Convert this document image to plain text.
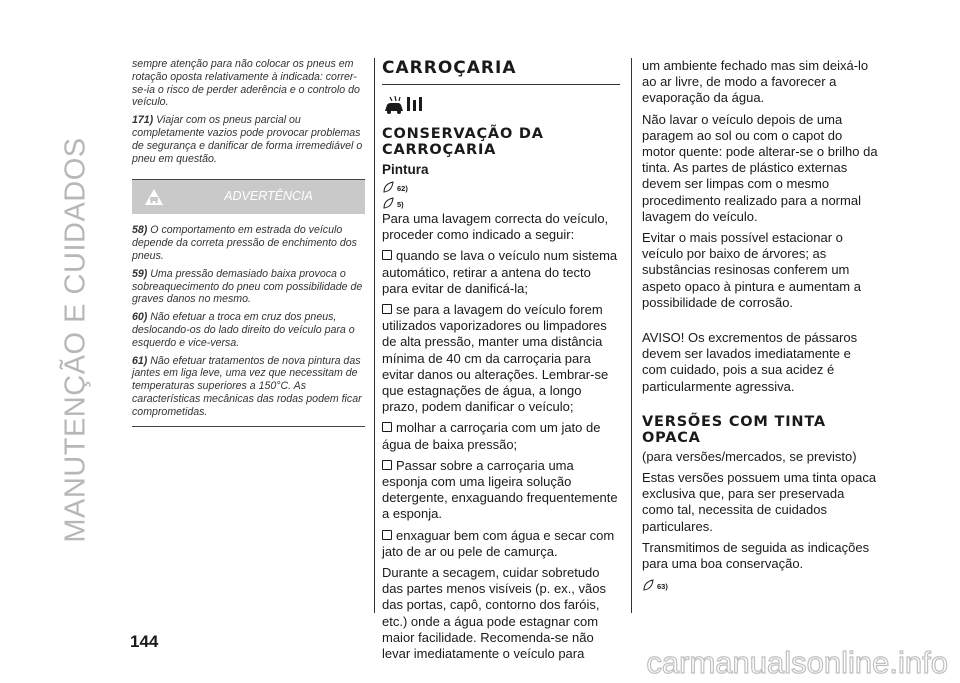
MANUTENÇÃO E CUIDADOS
144

sempre atenção para não colocar os pneus em rotação oposta relativamente à indicada: correr-se-ia o risco de perder aderência e o controlo do veículo.

171) Viajar com os pneus parcial ou completamente vazios pode provocar problemas de segurança e danificar de forma irremediável o pneu em questão.

ADVERTÊNCIA

58) O comportamento em estrada do veículo depende da correta pressão de enchimento dos pneus.

59) Uma pressão demasiado baixa provoca o sobreaquecimento do pneu com possibilidade de graves danos no mesmo.

60) Não efetuar a troca em cruz dos pneus, deslocando-os do lado direito do veículo para o esquerdo e vice-versa.

61) Não efetuar tratamentos de nova pintura das jantes em liga leve, uma vez que necessitam de temperaturas superiores a 150°C. As características mecânicas das rodas podem ficar comprometidas.

CARROÇARIA
CONSERVAÇÃO DA CARROÇARIA
Pintura
62)
5)

Para uma lavagem correcta do veículo, proceder como indicado a seguir:

quando se lava o veículo num sistema automático, retirar a antena do tecto para evitar de danificá-la;

se para a lavagem do veículo forem utilizados vaporizadores ou limpadores de alta pressão, manter uma distância mínima de 40 cm da carroçaria para evitar danos ou alterações. Lembrar-se que estagnações de água, a longo prazo, podem danificar o veículo;

molhar a carroçaria com um jato de água de baixa pressão;

Passar sobre a carroçaria uma esponja com uma ligeira solução detergente, enxaguando frequentemente a esponja.

enxaguar bem com água e secar com jato de ar ou pele de camurça.

Durante a secagem, cuidar sobretudo das partes menos visíveis (p. ex., vãos das portas, capô, contorno dos faróis, etc.) onde a água pode estagnar com maior facilidade. Recomenda-se não levar imediatamente o veículo para

um ambiente fechado mas sim deixá-lo ao ar livre, de modo a favorecer a evaporação da água.

Não lavar o veículo depois de uma paragem ao sol ou com o capot do motor quente: pode alterar-se o brilho da tinta. As partes de plástico externas devem ser limpas com o mesmo procedimento realizado para a normal lavagem do veículo.

Evitar o mais possível estacionar o veículo por baixo de árvores; as substâncias resinosas conferem um aspeto opaco à pintura e aumentam a possibilidade de corrosão.

AVISO! Os excrementos de pássaros devem ser lavados imediatamente e com cuidado, pois a sua acidez é particularmente agressiva.

VERSÕES COM TINTA OPACA

(para versões/mercados, se previsto)

Estas versões possuem uma tinta opaca exclusiva que, para ser preservada como tal, necessita de cuidados particulares.

Transmitimos de seguida as indicações para uma boa conservação.

63)
carmanualsonline.info
